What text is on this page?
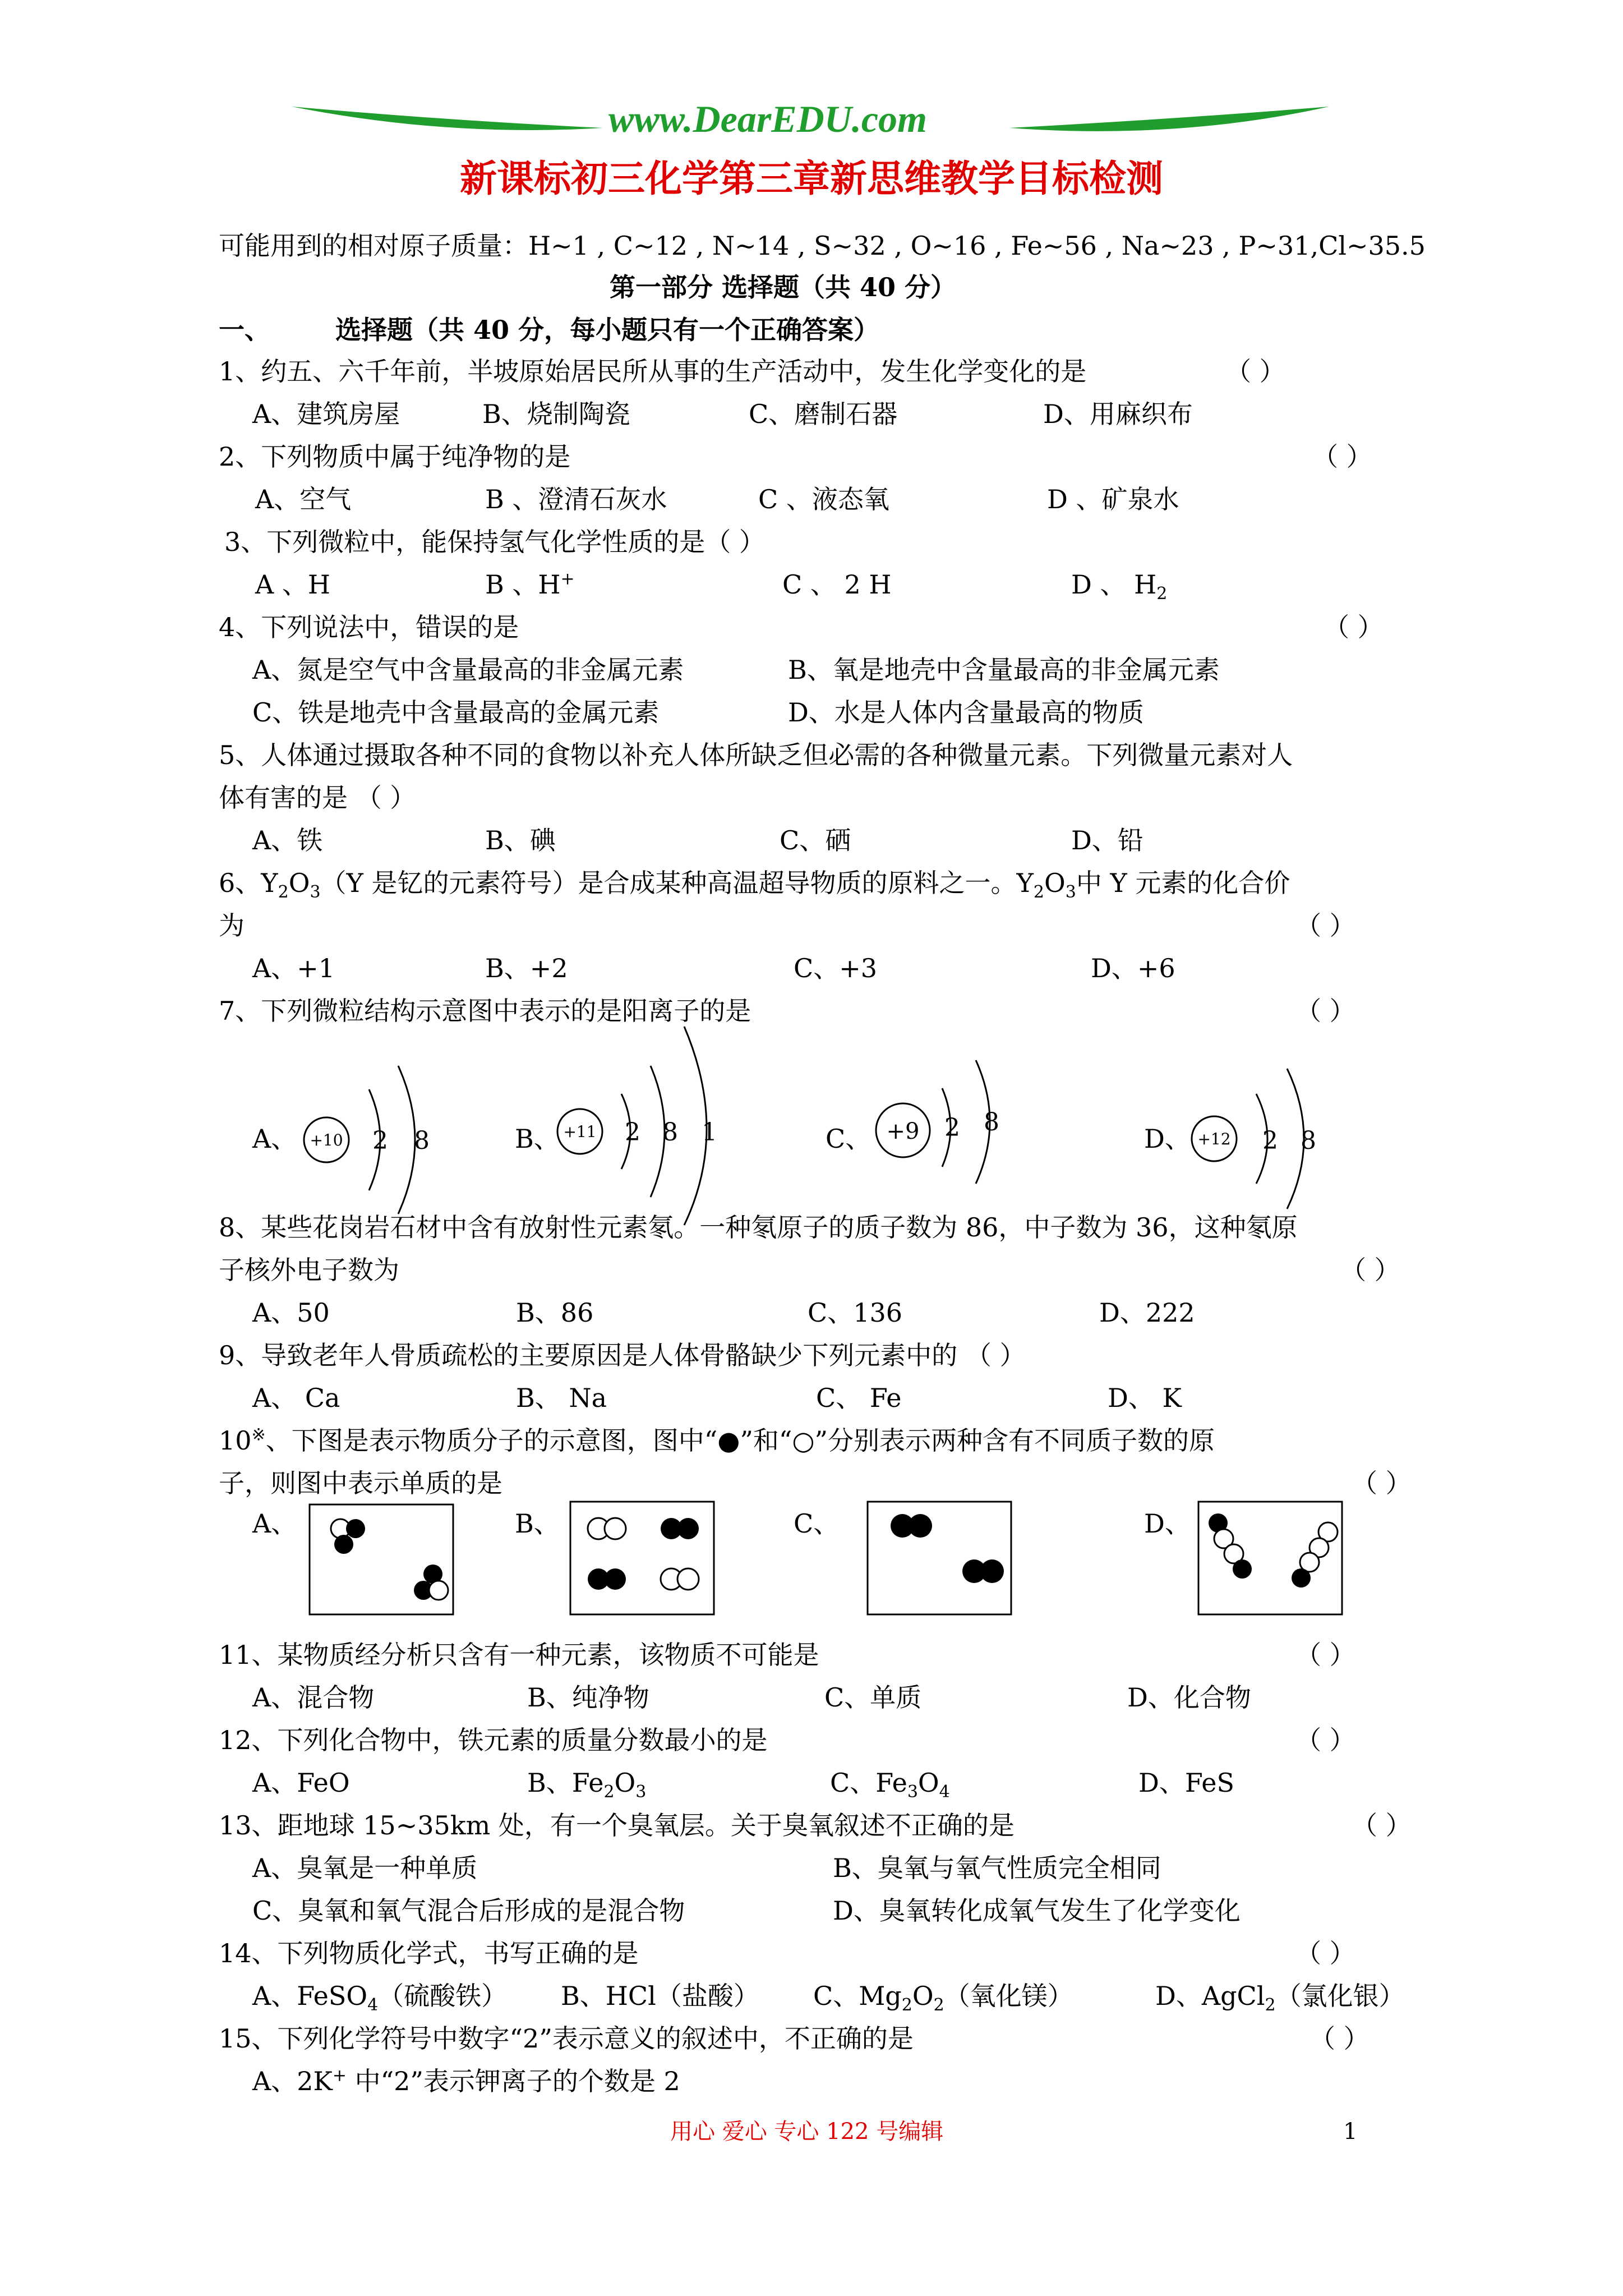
www.DearEDU.com
新课标初三化学第三章新思维教学目标检测
可能用到的相对原子质量：H~1 , C~12 , N~14 , S~32 , O~16 , Fe~56 , Na~23 , P~31,Cl~35.5
第一部分 选择题（共 40 分）
一、	选择题（共 40 分，每小题只有一个正确答案）
1、约五、六千年前，半坡原始居民所从事的生产活动中，发生化学变化的是	（ ）
A、建筑房屋	B、烧制陶瓷	C、磨制石器	D、用麻织布
2、下列物质中属于纯净物的是	（ ）
A、空气	B 、澄清石灰水	C 、液态氧	D 、矿泉水
3、下列微粒中，能保持氢气化学性质的是（ ）
A 、H	B 、H+	C 、 2 H	D 、 $H_2$
4、下列说法中，错误的是	（ ）
A、氮是空气中含量最高的非金属元素	B、氧是地壳中含量最高的非金属元素
C、铁是地壳中含量最高的金属元素	D、水是人体内含量最高的物质
5、人体通过摄取各种不同的食物以补充人体所缺乏但必需的各种微量元素。下列微量元素对人
体有害的是 （ ）
A、铁	B、碘	C、硒	D、铅
6、$Y_2O_3(Y$ 是钇的元素符号）是合成某种高温超导物质的原料之一。$Y_2O_3$中 Y 元素的化合价
为	（ ）
A、+1	B、+2	C、+3	D、+6
7、下列微粒结构示意图中表示的是阳离子的是	（ ）
A、 +10 2 8	B、 +11 2 8 1	C、 +9 2 8
D、 +12 2 8
8、某些花岗岩石材中含有放射性元素氡。一种氡原子的质子数为 86，中子数为 36，这种氡原
子核外电子数为	（ ）
A、50	B、86	C、136	D、222
9、导致老年人骨质疏松的主要原因是人体骨骼缺少下列元素中的 （ ）
A、 Ca	B、 Na	C、 Fe	D、 K
10※、下图是表示物质分子的示意图，图中“●”和“○”分别表示两种含有不同质子数的原
子，则图中表示单质的是	（ ）
A、	B、	C、	D、
11、某物质经分析只含有一种元素，该物质不可能是	（ ）
A、混合物	B、纯净物	C、单质	D、化合物
12、下列化合物中，铁元素的质量分数最小的是	（ ）
A、FeO	B、$Fe_2O_3$	C、$Fe_3O_4$	D、FeS
13、距地球 15~35km 处，有一个臭氧层。关于臭氧叙述不正确的是	（ ）
A、臭氧是一种单质	B、臭氧与氧气性质完全相同
C、臭氧和氧气混合后形成的是混合物	D、臭氧转化成氧气发生了化学变化
14、下列物质化学式，书写正确的是	（ ）
A、FeSO$_4$（硫酸铁） B、HCl（盐酸） C、$Mg_2O_2$（氧化镁）	D、AgCl$_2$（氯化银）
15、下列化学符号中数字“2”表示意义的叙述中，不正确的是	（ ）
A、2K+ 中“2”表示钾离子的个数是 2
用心 爱心 专心 122 号编辑	1
